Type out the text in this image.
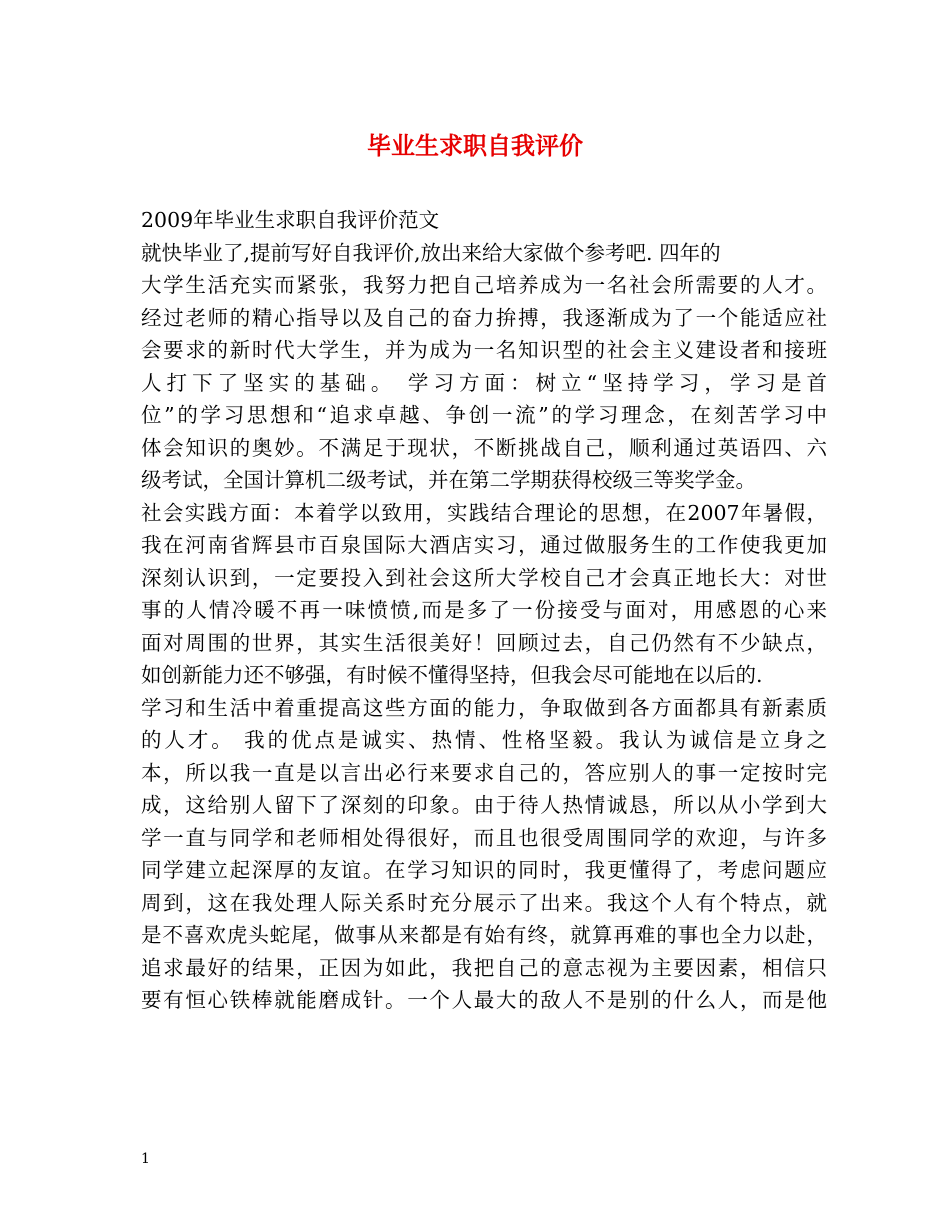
毕业生求职自我评价
2009年毕业生求职自我评价范文
就快毕业了,提前写好自我评价,放出来给大家做个参考吧. 四年的
大学生活充实而紧张，我努力把自己培养成为一名社会所需要的人才。
经过老师的精心指导以及自己的奋力拚搏，我逐渐成为了一个能适应社
会要求的新时代大学生，并为成为一名知识型的社会主义建设者和接班
人打下了坚实的基础。 学习方面：树立“坚持学习，学习是首
位”的学习思想和“追求卓越、争创一流”的学习理念，在刻苦学习中
体会知识的奥妙。不满足于现状，不断挑战自己，顺利通过英语四、六
级考试，全国计算机二级考试，并在第二学期获得校级三等奖学金。
社会实践方面：本着学以致用，实践结合理论的思想，在2007年暑假，
我在河南省辉县市百泉国际大酒店实习，通过做服务生的工作使我更加
深刻认识到，一定要投入到社会这所大学校自己才会真正地长大：对世
事的人情冷暖不再一味愤愤,而是多了一份接受与面对，用感恩的心来
面对周围的世界，其实生活很美好！回顾过去，自己仍然有不少缺点，
如创新能力还不够强，有时候不懂得坚持，但我会尽可能地在以后的.
学习和生活中着重提高这些方面的能力，争取做到各方面都具有新素质
的人才。 我的优点是诚实、热情、性格坚毅。我认为诚信是立身之
本，所以我一直是以言出必行来要求自己的，答应别人的事一定按时完
成，这给别人留下了深刻的印象。由于待人热情诚恳，所以从小学到大
学一直与同学和老师相处得很好，而且也很受周围同学的欢迎，与许多
同学建立起深厚的友谊。在学习知识的同时，我更懂得了，考虑问题应
周到，这在我处理人际关系时充分展示了出来。我这个人有个特点，就
是不喜欢虎头蛇尾，做事从来都是有始有终，就算再难的事也全力以赴，
追求最好的结果，正因为如此，我把自己的意志视为主要因素，相信只
要有恒心铁棒就能磨成针。一个人最大的敌人不是别的什么人，而是他
1
